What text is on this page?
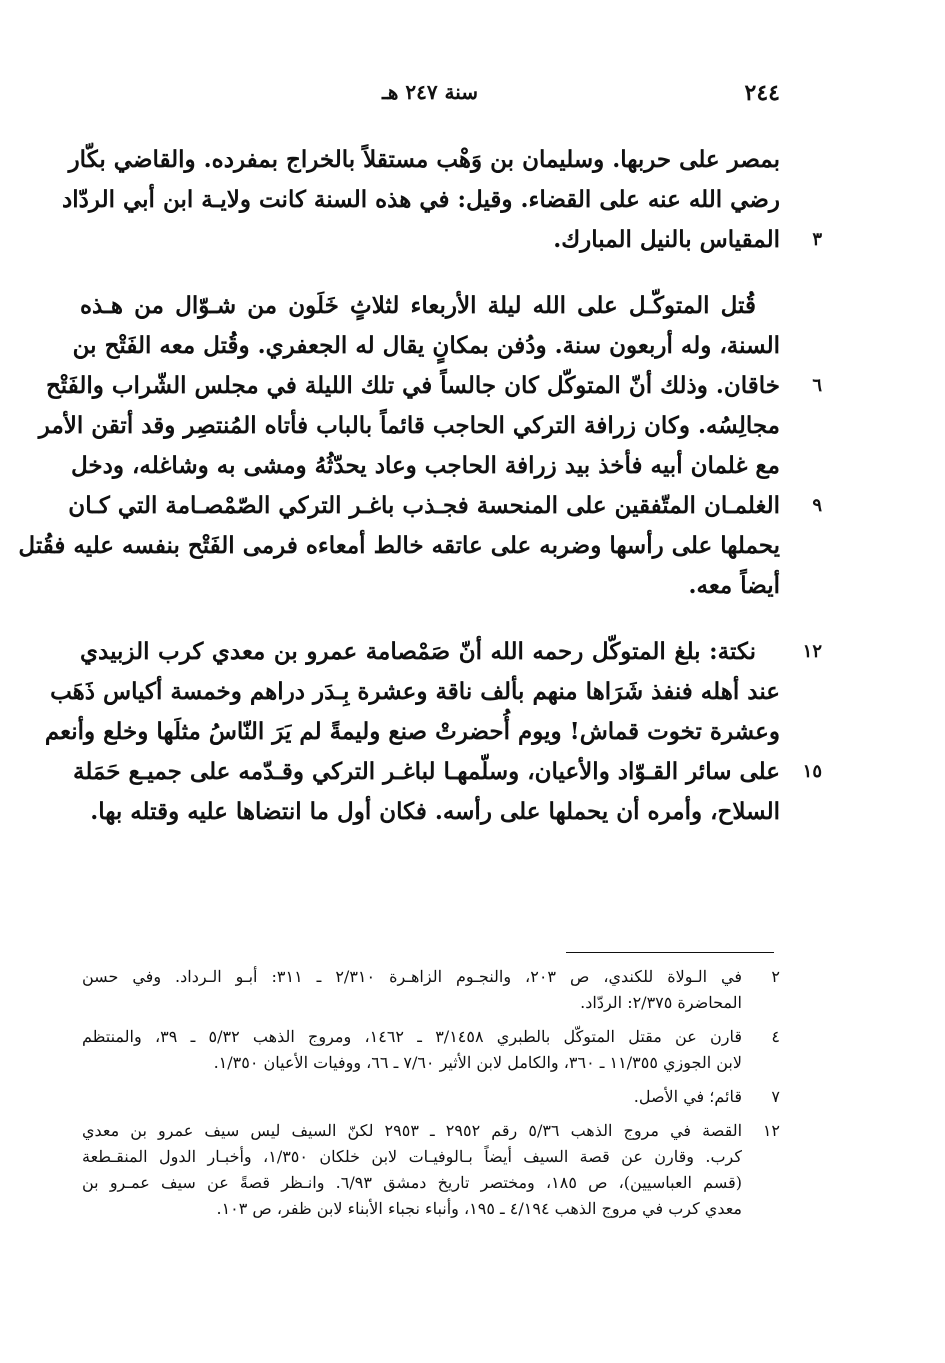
٢٤٤
سنة ٢٤٧ هـ
بمصر على حربها. وسليمان بن وَهْب مستقلاً بالخراج بمفرده. والقاضي بكّار
رضي الله عنه على القضاء. وقيل: في هذه السنة كانت ولايـة ابن أبي الردّاد
٣
المقياس بالنيل المبارك.
قُتل المتوكّـل على الله ليلة الأربعاء لثلاثٍ خَلَون من شـوّال من هـذه
السنة، وله أربعون سنة. ودُفن بمكانٍ يقال له الجعفري. وقُتل معه الفَتْح بن
٦
خاقان. وذلك أنّ المتوكّل كان جالساً في تلك الليلة في مجلس الشّراب والفَتْح
مجالِسُه. وكان زرافة التركي الحاجب قائماً بالباب فأتاه المُنتصِر وقد أتقن الأمر
مع غلمان أبيه فأخذ بيد زرافة الحاجب وعاد يحدّثُهُ ومشى به وشاغله، ودخل
٩
الغلمـان المتّفقين على المنحسة فجـذب باغـر التركي الصّمْصـامة التي كـان
يحملها على رأسها وضربه على عاتقه خالط أمعاءه فرمى الفَتْح بنفسه عليه فقُتل
أيضاً معه.
١٢
نكتة: بلغ المتوكّل رحمه الله أنّ صَمْصامة عمرو بن معدي كرب الزبيدي
عند أهله فنفذ شَرَاها منهم بألف ناقة وعشرة بِـدَر دراهم وخمسة أكياس ذَهَب
وعشرة تخوت قماش! ويوم أُحضرتْ صنع وليمةً لم يَرَ النّاسُ مثلَها وخلع وأنعم
١٥
على سائر القـوّاد والأعيان، وسلّمهـا لباغـر التركي وقـدّمه على جميـع حَمَلة
السلاح، وأمره أن يحملها على رأسه. فكان أول ما انتضاها عليه وقتله بها.
٢
في الـولاة للكندي، ص ٢٠٣، والنجـوم الزاهـرة ٢/٣١٠ ـ ٣١١: أبـو الـرداد. وفي حسن
المحاضرة ٢/٣٧٥: الردّاد.
٤
قارن عن مقتل المتوكّل بالطبري ٣/١٤٥٨ ـ ١٤٦٢، ومروج الذهب ٥/٣٢ ـ ٣٩، والمنتظم
لابن الجوزي ١١/٣٥٥ ـ ٣٦٠، والكامل لابن الأثير ٧/٦٠ ـ ٦٦، ووفيات الأعيان ١/٣٥٠.
٧
قائم؛ في الأصل.
١٢
القصة في مروج الذهب ٥/٣٦ رقم ٢٩٥٢ ـ ٢٩٥٣ لكنّ السيف ليس سيف عمرو بن معدي
كرب. وقارن عن قصة السيف أيضاً بـالوفيـات لابن خلكان ١/٣٥٠، وأخبـار الدول المنقـطعة
(قسم العباسيين)، ص ١٨٥، ومختصر تاريخ دمشق ٦/٩٣. وانـظر قصةً عن سيف عمـرو بن
معدي كرب في مروج الذهب ٤/١٩٤ ـ ١٩٥، وأنباء نجباء الأبناء لابن ظفر، ص ١٠٣.
